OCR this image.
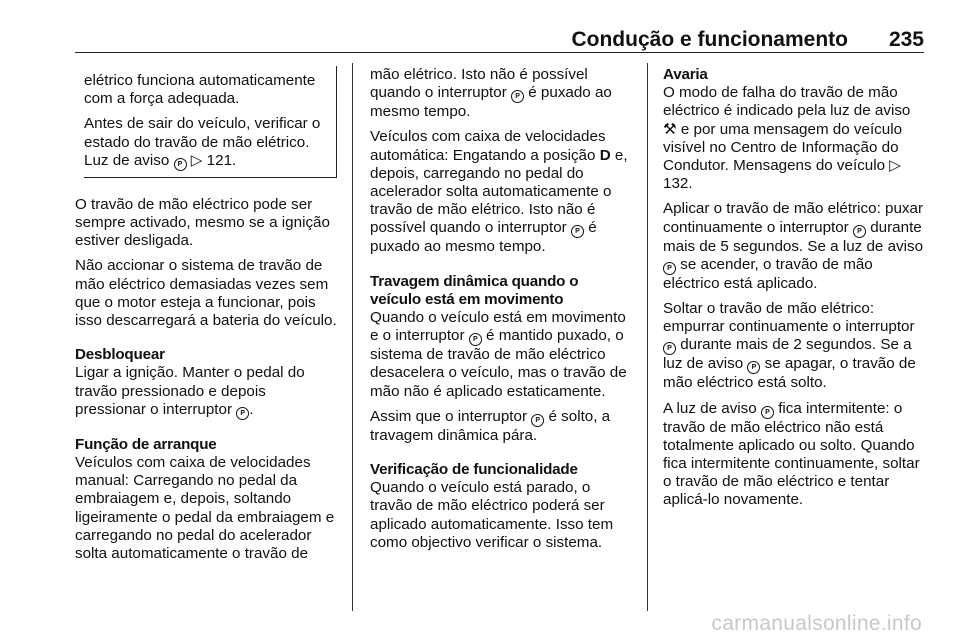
Condução e funcionamento 235

elétrico funciona automaticamente com a força adequada.

Antes de sair do veículo, verificar o estado do travão de mão elétrico. Luz de aviso P ▷ 121.

O travão de mão eléctrico pode ser sempre activado, mesmo se a ignição estiver desligada.

Não accionar o sistema de travão de mão eléctrico demasiadas vezes sem que o motor esteja a funcionar, pois isso descarregará a bateria do veículo.

Desbloquear

Ligar a ignição. Manter o pedal do travão pressionado e depois pressionar o interruptor P .

Função de arranque

Veículos com caixa de velocidades manual: Carregando no pedal da embraiagem e, depois, soltando ligeiramente o pedal da embraiagem e carregando no pedal do acelerador solta automaticamente o travão de

mão elétrico. Isto não é possível quando o interruptor P é puxado ao mesmo tempo.

Veículos com caixa de velocidades automática: Engatando a posição D e, depois, carregando no pedal do acelerador solta automaticamente o travão de mão elétrico. Isto não é possível quando o interruptor P é puxado ao mesmo tempo.

Travagem dinâmica quando o veículo está em movimento

Quando o veículo está em movimento e o interruptor P é mantido puxado, o sistema de travão de mão eléctrico desacelera o veículo, mas o travão de mão não é aplicado estaticamente.

Assim que o interruptor P é solto, a travagem dinâmica pára.

Verificação de funcionalidade

Quando o veículo está parado, o travão de mão eléctrico poderá ser aplicado automaticamente. Isso tem como objectivo verificar o sistema.

Avaria

O modo de falha do travão de mão eléctrico é indicado pela luz de aviso ⚒ e por uma mensagem do veículo visível no Centro de Informação do Condutor. Mensagens do veículo ▷ 132.

Aplicar o travão de mão elétrico: puxar continuamente o interruptor P durante mais de 5 segundos. Se a luz de aviso P se acender, o travão de mão eléctrico está aplicado.

Soltar o travão de mão elétrico: empurrar continuamente o interruptor P durante mais de 2 segundos. Se a luz de aviso P se apagar, o travão de mão eléctrico está solto.

A luz de aviso P fica intermitente: o travão de mão eléctrico não está totalmente aplicado ou solto. Quando fica intermitente continuamente, soltar o travão de mão eléctrico e tentar aplicá-lo novamente.

carmanualsonline.info
